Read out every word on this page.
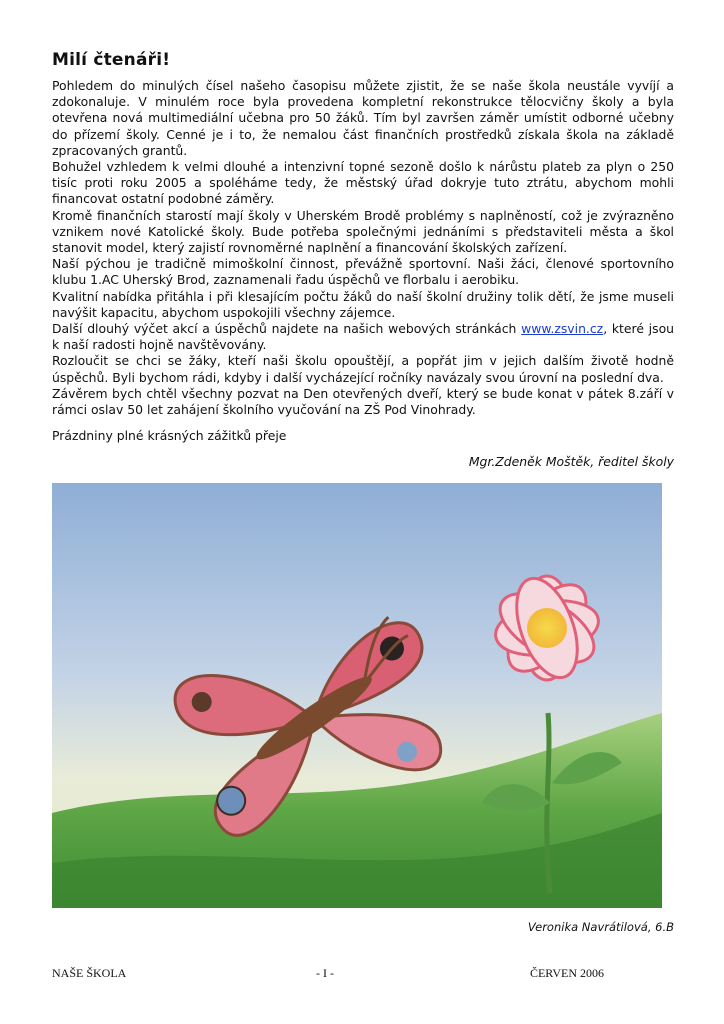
Milí čtenáři!

Pohledem do minulých čísel našeho časopisu můžete zjistit, že se naše škola neustále vyvíjí a zdokonaluje. V minulém roce byla provedena kompletní rekonstrukce tělocvičny školy a byla otevřena nová multimediální učebna pro 50 žáků. Tím byl završen záměr umístit odborné učebny do přízemí školy. Cenné je i to, že nemalou část finančních prostředků získala škola na základě zpracovaných grantů.

Bohužel vzhledem k velmi dlouhé a intenzivní topné sezoně došlo k nárůstu plateb za plyn o 250 tisíc proti roku 2005 a spoléháme tedy, že městský úřad dokryje tuto ztrátu, abychom mohli financovat ostatní podobné záměry.

Kromě finančních starostí mají školy v Uherském Brodě problémy s naplněností, což je zvýrazněno vznikem nové Katolické školy. Bude potřeba společnými jednáními s představiteli města a škol stanovit model, který zajistí rovnoměrné naplnění a financování školských zařízení.

Naší pýchou je tradičně mimoškolní činnost, převážně sportovní. Naši žáci, členové sportovního klubu 1.AC Uherský Brod, zaznamenali řadu úspěchů ve florbalu i aerobiku.

Kvalitní nabídka přitáhla i při klesajícím počtu žáků do naší školní družiny tolik dětí, že jsme museli navýšit kapacitu, abychom uspokojili všechny zájemce.

Další dlouhý výčet akcí a úspěchů najdete na našich webových stránkách www.zsvin.cz, které jsou k naší radosti hojně navštěvovány.

Rozloučit se chci se žáky, kteří naši školu opouštějí, a popřát jim v jejich dalším životě hodně úspěchů. Byli bychom rádi, kdyby i další vycházející ročníky navázaly svou úrovní na poslední dva.

Závěrem bych chtěl všechny pozvat na Den otevřených dveří, který se bude konat v pátek 8.září v rámci oslav 50 let zahájení školního vyučování na ZŠ Pod Vinohrady.

Prázdniny plné krásných zážitků přeje

Mgr.Zdeněk Moštěk, ředitel školy
Veronika Navrátilová, 6.B
NAŠE ŠKOLA	- I -	ČERVEN 2006
